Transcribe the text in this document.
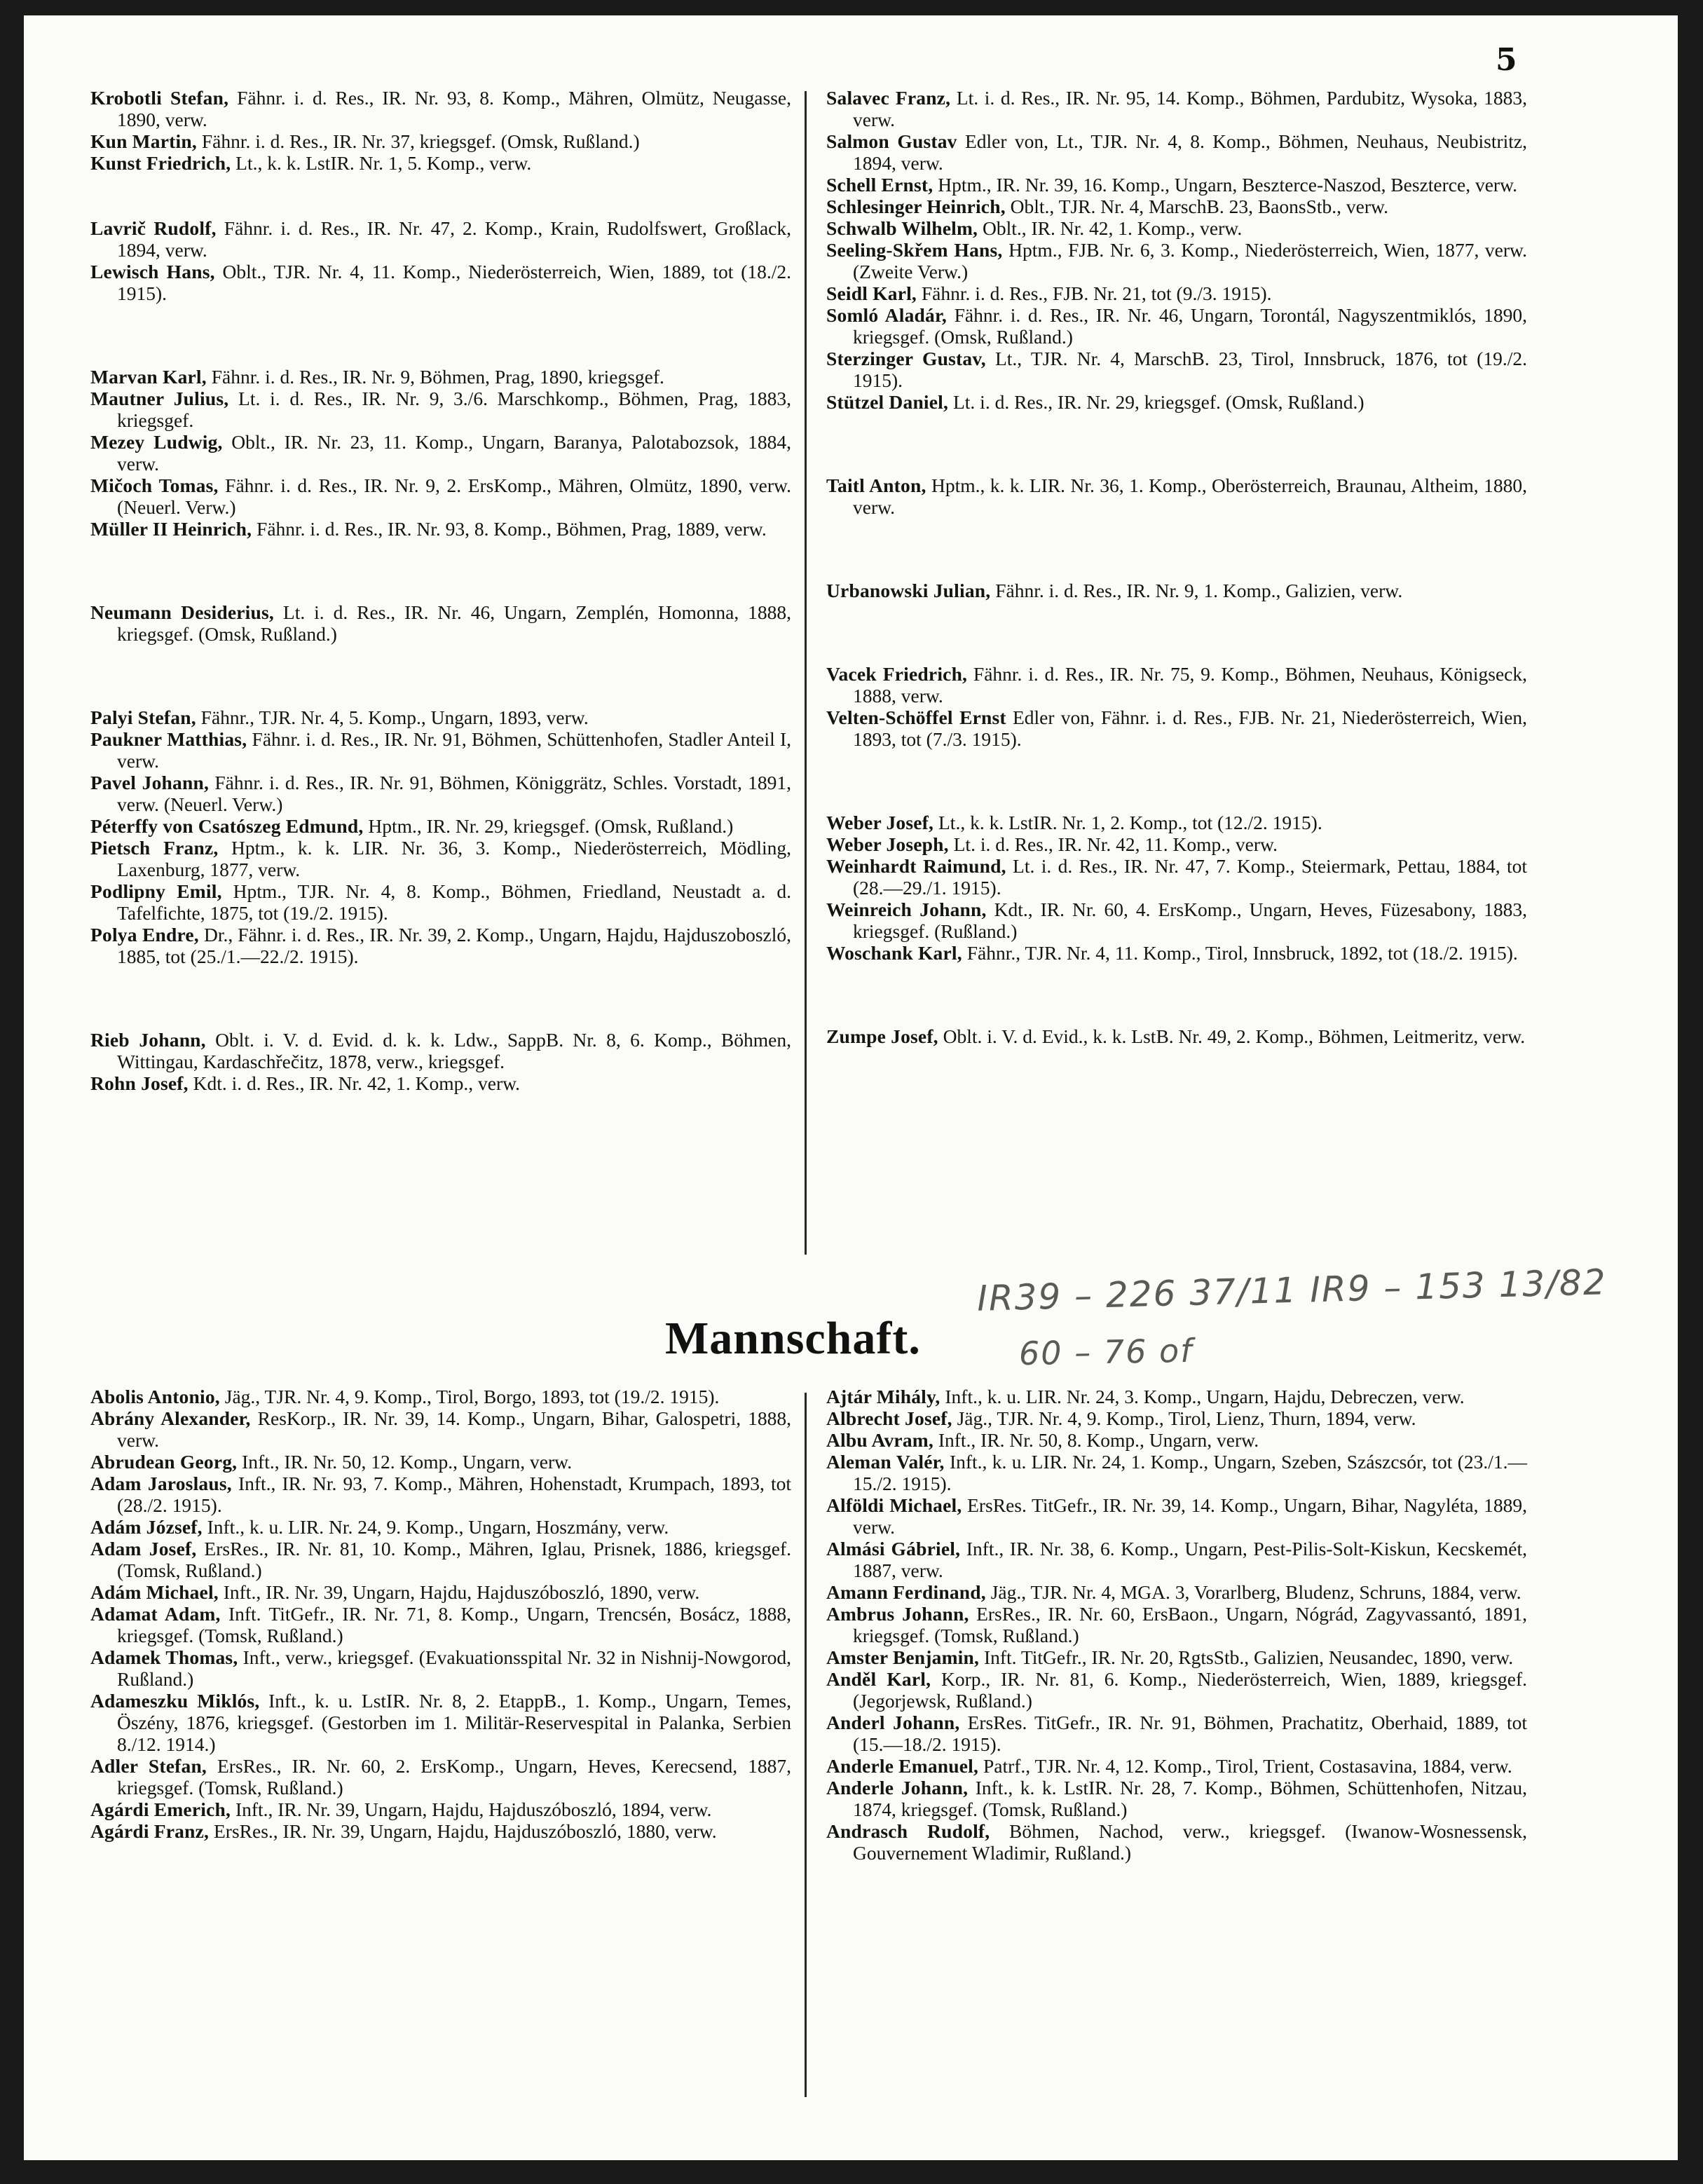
5
Krobotli Stefan, Fähnr. i. d. Res., IR. Nr. 93, 8. Komp., Mähren, Olmütz, Neugasse, 1890, verw.
Kun Martin, Fähnr. i. d. Res., IR. Nr. 37, kriegsgef. (Omsk, Rußland.)
Kunst Friedrich, Lt., k. k. LstIR. Nr. 1, 5. Komp., verw.
Lavrič Rudolf, Fähnr. i. d. Res., IR. Nr. 47, 2. Komp., Krain, Rudolfswert, Großlack, 1894, verw.
Lewisch Hans, Oblt., TJR. Nr. 4, 11. Komp., Niederösterreich, Wien, 1889, tot (18./2. 1915).
Marvan Karl, Fähnr. i. d. Res., IR. Nr. 9, Böhmen, Prag, 1890, kriegsgef.
Mautner Julius, Lt. i. d. Res., IR. Nr. 9, 3./6. Marschkomp., Böhmen, Prag, 1883, kriegsgef.
Mezey Ludwig, Oblt., IR. Nr. 23, 11. Komp., Ungarn, Baranya, Palotabozsok, 1884, verw.
Mičoch Tomas, Fähnr. i. d. Res., IR. Nr. 9, 2. ErsKomp., Mähren, Olmütz, 1890, verw. (Neuerl. Verw.)
Müller II Heinrich, Fähnr. i. d. Res., IR. Nr. 93, 8. Komp., Böhmen, Prag, 1889, verw.
Neumann Desiderius, Lt. i. d. Res., IR. Nr. 46, Ungarn, Zemplén, Homonna, 1888, kriegsgef. (Omsk, Rußland.)
Palyi Stefan, Fähnr., TJR. Nr. 4, 5. Komp., Ungarn, 1893, verw.
Paukner Matthias, Fähnr. i. d. Res., IR. Nr. 91, Böhmen, Schüttenhofen, Stadler Anteil I, verw.
Pavel Johann, Fähnr. i. d. Res., IR. Nr. 91, Böhmen, Königgrätz, Schles. Vorstadt, 1891, verw. (Neuerl. Verw.)
Péterffy von Csatószeg Edmund, Hptm., IR. Nr. 29, kriegsgef. (Omsk, Rußland.)
Pietsch Franz, Hptm., k. k. LIR. Nr. 36, 3. Komp., Niederösterreich, Mödling, Laxenburg, 1877, verw.
Podlipny Emil, Hptm., TJR. Nr. 4, 8. Komp., Böhmen, Friedland, Neustadt a. d. Tafelfichte, 1875, tot (19./2. 1915).
Polya Endre, Dr., Fähnr. i. d. Res., IR. Nr. 39, 2. Komp., Ungarn, Hajdu, Hajduszoboszló, 1885, tot (25./1.—22./2. 1915).
Rieb Johann, Oblt. i. V. d. Evid. d. k. k. Ldw., SappB. Nr. 8, 6. Komp., Böhmen, Wittingau, Kardaschřečitz, 1878, verw., kriegsgef.
Rohn Josef, Kdt. i. d. Res., IR. Nr. 42, 1. Komp., verw.
Salavec Franz, Lt. i. d. Res., IR. Nr. 95, 14. Komp., Böhmen, Pardubitz, Wysoka, 1883, verw.
Salmon Gustav Edler von, Lt., TJR. Nr. 4, 8. Komp., Böhmen, Neuhaus, Neubistritz, 1894, verw.
Schell Ernst, Hptm., IR. Nr. 39, 16. Komp., Ungarn, Beszterce-Naszod, Beszterce, verw.
Schlesinger Heinrich, Oblt., TJR. Nr. 4, MarschB. 23, BaonsStb., verw.
Schwalb Wilhelm, Oblt., IR. Nr. 42, 1. Komp., verw.
Seeling-Skřem Hans, Hptm., FJB. Nr. 6, 3. Komp., Niederösterreich, Wien, 1877, verw. (Zweite Verw.)
Seidl Karl, Fähnr. i. d. Res., FJB. Nr. 21, tot (9./3. 1915).
Somló Aladár, Fähnr. i. d. Res., IR. Nr. 46, Ungarn, Torontál, Nagyszentmiklós, 1890, kriegsgef. (Omsk, Rußland.)
Sterzinger Gustav, Lt., TJR. Nr. 4, MarschB. 23, Tirol, Innsbruck, 1876, tot (19./2. 1915).
Stützel Daniel, Lt. i. d. Res., IR. Nr. 29, kriegsgef. (Omsk, Rußland.)
Taitl Anton, Hptm., k. k. LIR. Nr. 36, 1. Komp., Oberösterreich, Braunau, Altheim, 1880, verw.
Urbanowski Julian, Fähnr. i. d. Res., IR. Nr. 9, 1. Komp., Galizien, verw.
Vacek Friedrich, Fähnr. i. d. Res., IR. Nr. 75, 9. Komp., Böhmen, Neuhaus, Königseck, 1888, verw.
Velten-Schöffel Ernst Edler von, Fähnr. i. d. Res., FJB. Nr. 21, Niederösterreich, Wien, 1893, tot (7./3. 1915).
Weber Josef, Lt., k. k. LstIR. Nr. 1, 2. Komp., tot (12./2. 1915).
Weber Joseph, Lt. i. d. Res., IR. Nr. 42, 11. Komp., verw.
Weinhardt Raimund, Lt. i. d. Res., IR. Nr. 47, 7. Komp., Steiermark, Pettau, 1884, tot (28.—29./1. 1915).
Weinreich Johann, Kdt., IR. Nr. 60, 4. ErsKomp., Ungarn, Heves, Füzesabony, 1883, kriegsgef. (Rußland.)
Woschank Karl, Fähnr., TJR. Nr. 4, 11. Komp., Tirol, Innsbruck, 1892, tot (18./2. 1915).
Zumpe Josef, Oblt. i. V. d. Evid., k. k. LstB. Nr. 49, 2. Komp., Böhmen, Leitmeritz, verw.
IR39 – 226 37/11 IR9 – 153 13/82
Mannschaft.	60 – 76 of
Abolis Antonio, Jäg., TJR. Nr. 4, 9. Komp., Tirol, Borgo, 1893, tot (19./2. 1915).
Abrány Alexander, ResKorp., IR. Nr. 39, 14. Komp., Ungarn, Bihar, Galospetri, 1888, verw.
Abrudean Georg, Inft., IR. Nr. 50, 12. Komp., Ungarn, verw.
Adam Jaroslaus, Inft., IR. Nr. 93, 7. Komp., Mähren, Hohenstadt, Krumpach, 1893, tot (28./2. 1915).
Adám József, Inft., k. u. LIR. Nr. 24, 9. Komp., Ungarn, Hoszmány, verw.
Adam Josef, ErsRes., IR. Nr. 81, 10. Komp., Mähren, Iglau, Prisnek, 1886, kriegsgef. (Tomsk, Rußland.)
Adám Michael, Inft., IR. Nr. 39, Ungarn, Hajdu, Hajduszóboszló, 1890, verw.
Adamat Adam, Inft. TitGefr., IR. Nr. 71, 8. Komp., Ungarn, Trencsén, Bosácz, 1888, kriegsgef. (Tomsk, Rußland.)
Adamek Thomas, Inft., verw., kriegsgef. (Evakuationsspital Nr. 32 in Nishnij-Nowgorod, Rußland.)
Adameszku Miklós, Inft., k. u. LstIR. Nr. 8, 2. EtappB., 1. Komp., Ungarn, Temes, Öszény, 1876, kriegsgef. (Gestorben im 1. Militär-Reservespital in Palanka, Serbien 8./12. 1914.)
Adler Stefan, ErsRes., IR. Nr. 60, 2. ErsKomp., Ungarn, Heves, Kerecsend, 1887, kriegsgef. (Tomsk, Rußland.)
Agárdi Emerich, Inft., IR. Nr. 39, Ungarn, Hajdu, Hajduszóboszló, 1894, verw.
Agárdi Franz, ErsRes., IR. Nr. 39, Ungarn, Hajdu, Hajduszóboszló, 1880, verw.
Ajtár Mihály, Inft., k. u. LIR. Nr. 24, 3. Komp., Ungarn, Hajdu, Debreczen, verw.
Albrecht Josef, Jäg., TJR. Nr. 4, 9. Komp., Tirol, Lienz, Thurn, 1894, verw.
Albu Avram, Inft., IR. Nr. 50, 8. Komp., Ungarn, verw.
Aleman Valér, Inft., k. u. LIR. Nr. 24, 1. Komp., Ungarn, Szeben, Szászcsór, tot (23./1.—15./2. 1915).
Alföldi Michael, ErsRes. TitGefr., IR. Nr. 39, 14. Komp., Ungarn, Bihar, Nagyléta, 1889, verw.
Almási Gábriel, Inft., IR. Nr. 38, 6. Komp., Ungarn, Pest-Pilis-Solt-Kiskun, Kecskemét, 1887, verw.
Amann Ferdinand, Jäg., TJR. Nr. 4, MGA. 3, Vorarlberg, Bludenz, Schruns, 1884, verw.
Ambrus Johann, ErsRes., IR. Nr. 60, ErsBaon., Ungarn, Nógrád, Zagyvassantó, 1891, kriegsgef. (Tomsk, Rußland.)
Amster Benjamin, Inft. TitGefr., IR. Nr. 20, RgtsStb., Galizien, Neusandec, 1890, verw.
Anděl Karl, Korp., IR. Nr. 81, 6. Komp., Niederösterreich, Wien, 1889, kriegsgef. (Jegorjewsk, Rußland.)
Anderl Johann, ErsRes. TitGefr., IR. Nr. 91, Böhmen, Prachatitz, Oberhaid, 1889, tot (15.—18./2. 1915).
Anderle Emanuel, Patrf., TJR. Nr. 4, 12. Komp., Tirol, Trient, Costasavina, 1884, verw.
Anderle Johann, Inft., k. k. LstIR. Nr. 28, 7. Komp., Böhmen, Schüttenhofen, Nitzau, 1874, kriegsgef. (Tomsk, Rußland.)
Andrasch Rudolf, Böhmen, Nachod, verw., kriegsgef. (Iwanow-Wosnessensk, Gouvernement Wladimir, Rußland.)
